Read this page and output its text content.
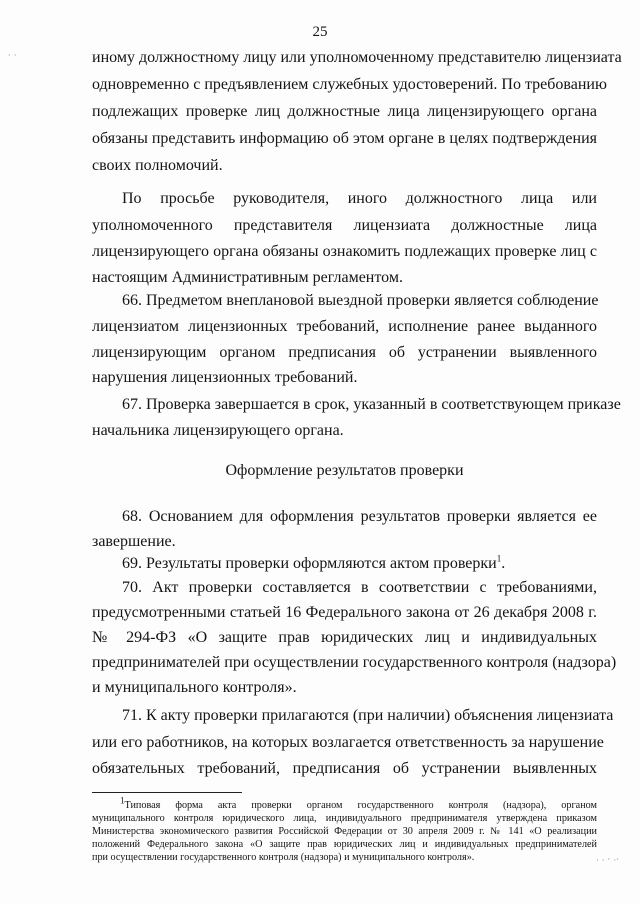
25
иному должностному лицу или уполномоченному представителю лицензиата
одновременно с предъявлением служебных удостоверений. По требованию
подлежащих проверке лиц должностные лица лицензирующего органа
обязаны представить информацию об этом органе в целях подтверждения
своих полномочий.
По просьбе руководителя, иного должностного лица или
уполномоченного представителя лицензиата должностные лица
лицензирующего органа обязаны ознакомить подлежащих проверке лиц с
настоящим Административным регламентом.
66. Предметом внеплановой выездной проверки является соблюдение
лицензиатом лицензионных требований, исполнение ранее выданного
лицензирующим органом предписания об устранении выявленного
нарушения лицензионных требований.
67. Проверка завершается в срок, указанный в соответствующем приказе
начальника лицензирующего органа.
Оформление результатов проверки
68. Основанием для оформления результатов проверки является ее
завершение.
69. Результаты проверки оформляются актом проверки$^1$.
70. Акт проверки составляется в соответствии с требованиями,
предусмотренными статьей 16 Федерального закона от 26 декабря 2008 г.
№ 294-ФЗ «О защите прав юридических лиц и индивидуальных
предпринимателей при осуществлении государственного контроля (надзора)
и муниципального контроля».
71. К акту проверки прилагаются (при наличии) объяснения лицензиата
или его работников, на которых возлагается ответственность за нарушение
обязательных требований, предписания об устранении выявленных
$^1$Типовая форма акта проверки органом государственного контроля (надзора), органом
муниципального контроля юридического лица, индивидуального предпринимателя утверждена приказом
Министерства экономического развития Российской Федерации от 30 апреля 2009 г. № 141 «О реализации
положений Федерального закона «О защите прав юридических лиц и индивидуальных предпринимателей
при осуществлении государственного контроля (надзора) и муниципального контроля».
ˑ ˑ
· · ˑ ·ˑ
